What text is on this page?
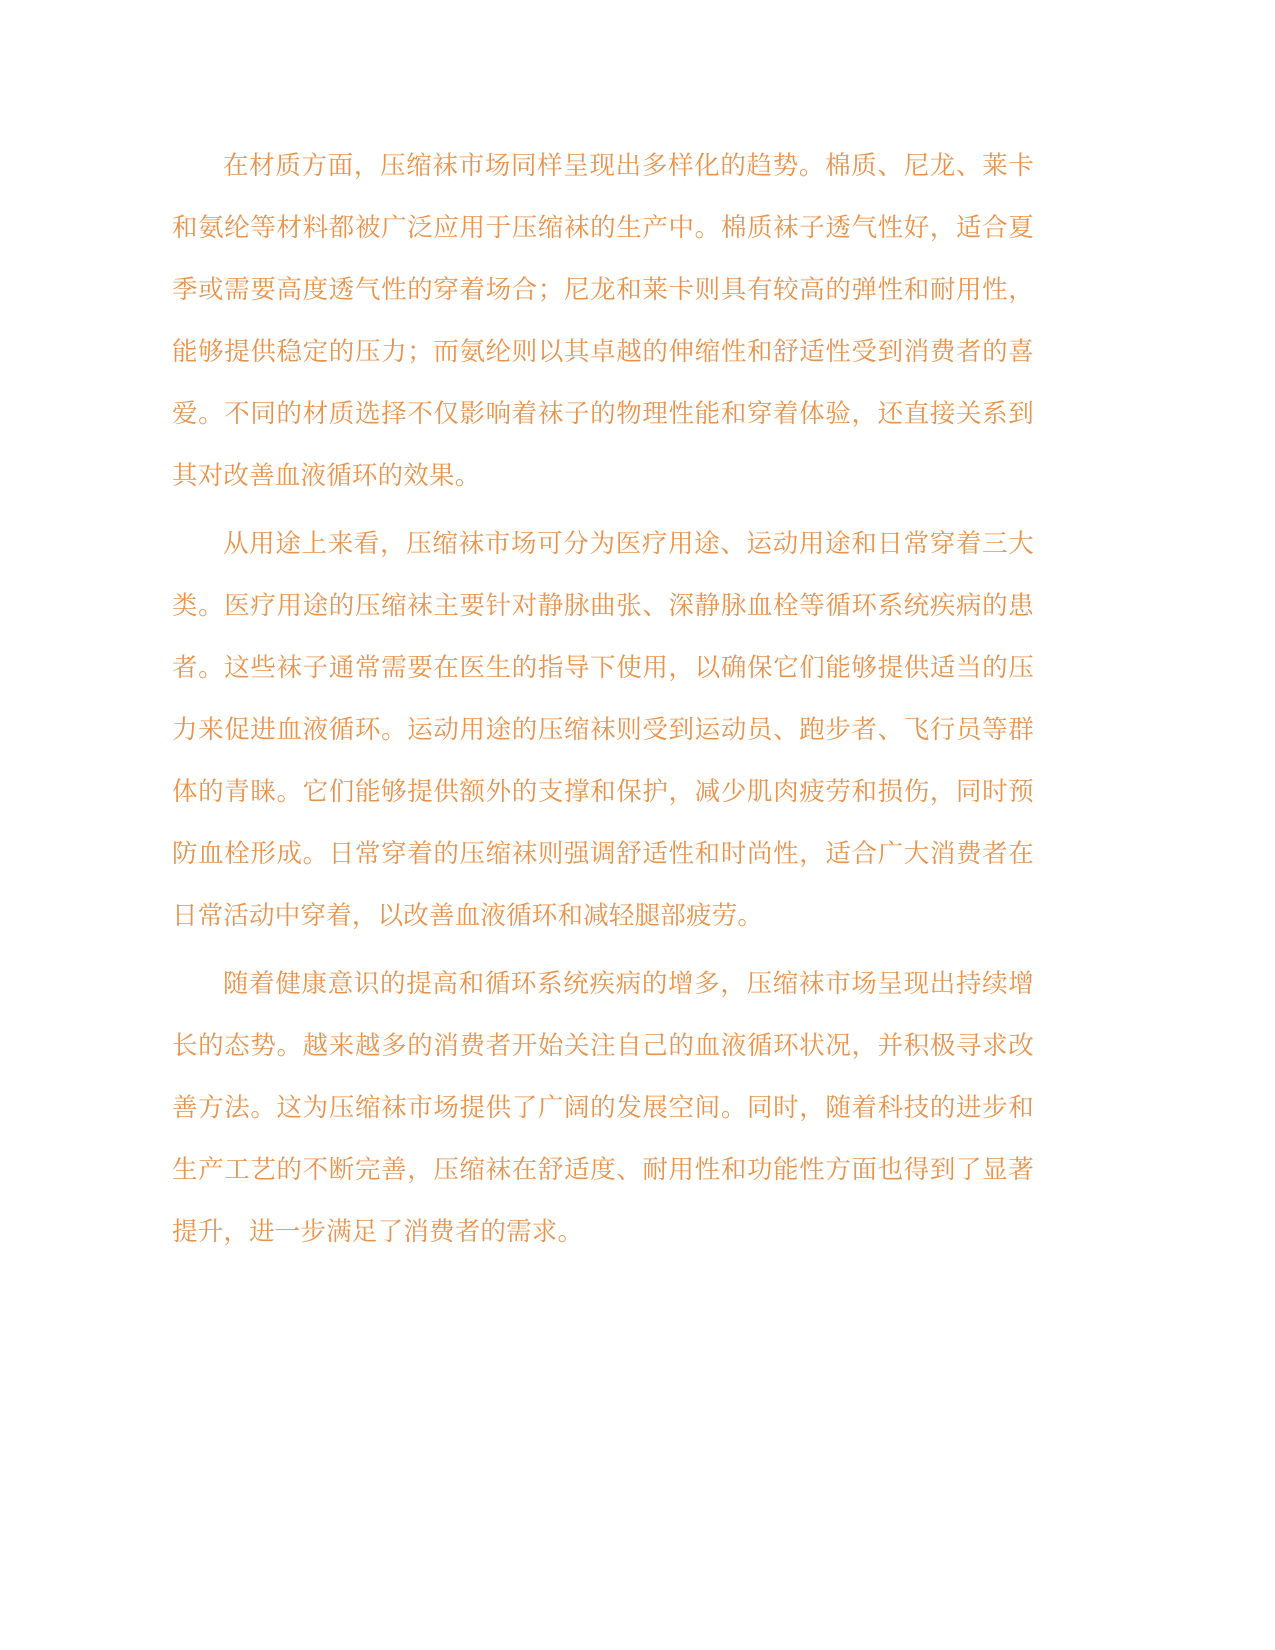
在材质方面，压缩袜市场同样呈现出多样化的趋势。棉质、尼龙、莱卡和氨纶等材料都被广泛应用于压缩袜的生产中。棉质袜子透气性好，适合夏季或需要高度透气性的穿着场合；尼龙和莱卡则具有较高的弹性和耐用性，能够提供稳定的压力；而氨纶则以其卓越的伸缩性和舒适性受到消费者的喜爱。不同的材质选择不仅影响着袜子的物理性能和穿着体验，还直接关系到其对改善血液循环的效果。

从用途上来看，压缩袜市场可分为医疗用途、运动用途和日常穿着三大类。医疗用途的压缩袜主要针对静脉曲张、深静脉血栓等循环系统疾病的患者。这些袜子通常需要在医生的指导下使用，以确保它们能够提供适当的压力来促进血液循环。运动用途的压缩袜则受到运动员、跑步者、飞行员等群体的青睐。它们能够提供额外的支撑和保护，减少肌肉疲劳和损伤，同时预防血栓形成。日常穿着的压缩袜则强调舒适性和时尚性，适合广大消费者在日常活动中穿着，以改善血液循环和减轻腿部疲劳。

随着健康意识的提高和循环系统疾病的增多，压缩袜市场呈现出持续增长的态势。越来越多的消费者开始关注自己的血液循环状况，并积极寻求改善方法。这为压缩袜市场提供了广阔的发展空间。同时，随着科技的进步和生产工艺的不断完善，压缩袜在舒适度、耐用性和功能性方面也得到了显著提升，进一步满足了消费者的需求。
